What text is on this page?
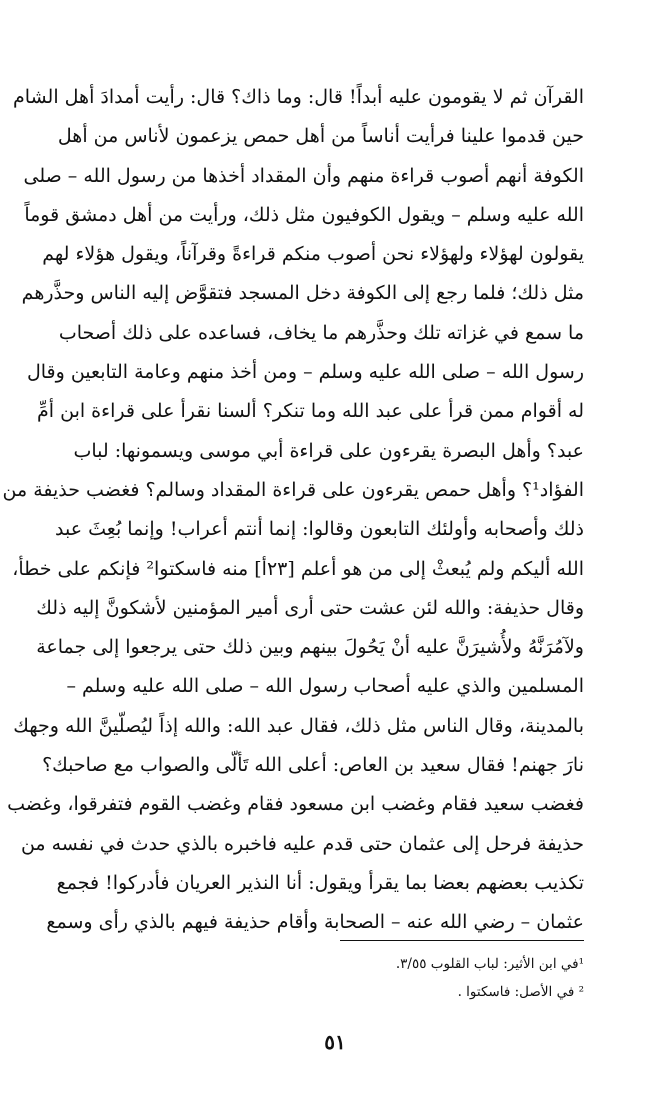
القرآن ثم لا يقومون عليه أبداً! قال: وما ذاك؟ قال: رأيت أمدادَ أهل الشام
حين قدموا علينا فرأيت أناساً من أهل حمص يزعمون لأناس من أهل
الكوفة أنهم أصوب قراءة منهم وأن المقداد أخذها من رسول الله – صلى
الله عليه وسلم – ويقول الكوفيون مثل ذلك، ورأيت من أهل دمشق قوماً
يقولون لهؤلاء ولهؤلاء نحن أصوب منكم قراءةً وقرآناً، ويقول هؤلاء لهم
مثل ذلك؛ فلما رجع إلى الكوفة دخل المسجد فتقوَّض إليه الناس وحذَّرهم
ما سمع في غزاته تلك وحذَّرهم ما يخاف، فساعده على ذلك أصحاب
رسول الله – صلى الله عليه وسلم – ومن أخذ منهم وعامة التابعين وقال
له أقوام ممن قرأ على عبد الله وما تنكر؟ ألسنا نقرأ على قراءة ابن أمِّ
عبد؟ وأهل البصرة يقرءون على قراءة أبي موسى ويسمونها: لباب
الفؤاد¹؟ وأهل حمص يقرءون على قراءة المقداد وسالم؟ فغضب حذيفة من
ذلك وأصحابه وأولئك التابعون وقالوا: إنما أنتم أعراب! وإنما بُعِثَ عبد
الله أليكم ولم يُبعثْ إلى من هو أعلم [٢٣أ] منه فاسكتوا² فإنكم على خطأ،
وقال حذيفة: والله لئن عشت حتى أرى أمير المؤمنين لأشكونَّ إليه ذلك
ولآمُرَنَّهُ ولأُشيرَنَّ عليه أنْ يَحُولَ بينهم وبين ذلك حتى يرجعوا إلى جماعة
المسلمين والذي عليه أصحاب رسول الله – صلى الله عليه وسلم –
بالمدينة، وقال الناس مثل ذلك، فقال عبد الله: والله إذاً ليُصلّينَّ الله وجهك
نارَ جهنم! فقال سعيد بن العاص: أعلى الله تَألّى والصواب مع صاحبك؟
فغضب سعيد فقام وغضب ابن مسعود فقام وغضب القوم فتفرقوا، وغضب
حذيفة فرحل إلى عثمان حتى قدم عليه فاخبره بالذي حدث في نفسه من
تكذيب بعضهم بعضا بما يقرأ ويقول: أنا النذير العريان فأدركوا! فجمع
عثمان – رضي الله عنه – الصحابة وأقام حذيفة فيهم بالذي رأى وسمع
¹في ابن الأثير: لباب القلوب ٣/٥٥.
² في الأصل: فاسكتوا .
٥١
